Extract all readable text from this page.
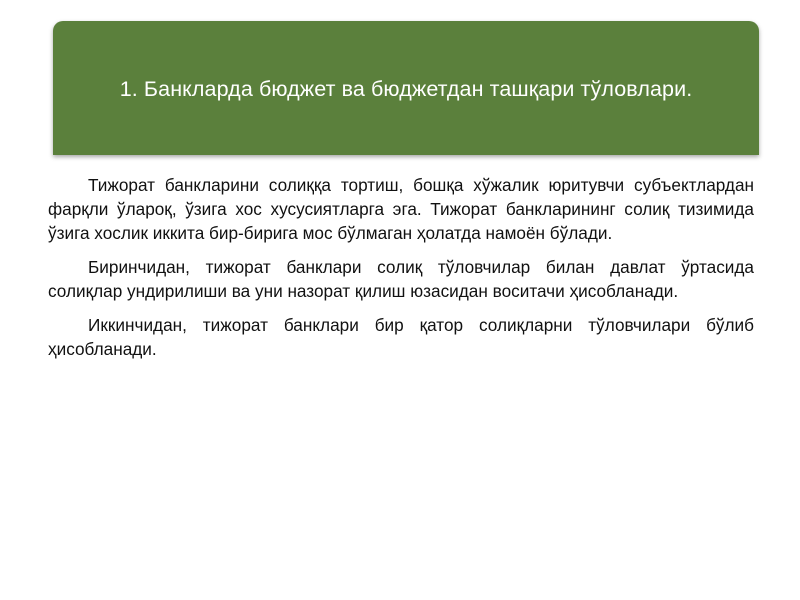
1. Банкларда бюджет ва бюджетдан ташқари тўловлари.

Тижорат банкларини солиққа тортиш, бошқа хўжалик юритувчи субъектлардан фарқли ўлароқ, ўзига хос хусусиятларга эга. Тижорат банкларининг солиқ тизимида ўзига хослик иккита бир-бирига мос бўлмаган ҳолатда намоён бўлади.

Биринчидан, тижорат банклари солиқ тўловчилар билан давлат ўртасида солиқлар ундирилиши ва уни назорат қилиш юзасидан воситачи ҳисобланади.

Иккинчидан, тижорат банклари бир қатор солиқларни тўловчилари бўлиб ҳисобланади.
